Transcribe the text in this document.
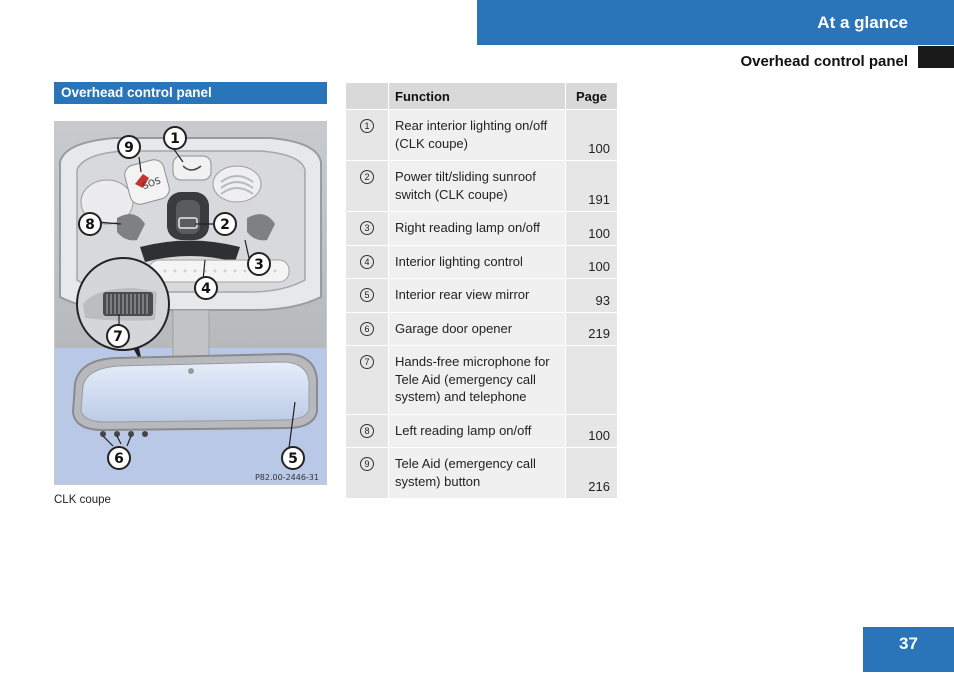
At a glance
Overhead control panel
Overhead control panel
SOS
1
2
3
4
5
6
7
8
9
P82.00-2446-31
CLK coupe
	Function	Page
1	Rear interior lighting on/off (CLK coupe)	100
2	Power tilt/sliding sunroof switch (CLK coupe)	191
3	Right reading lamp on/off	100
4	Interior lighting control	100
5	Interior rear view mirror	93
6	Garage door opener	219
7	Hands-free microphone for Tele Aid (emergency call system) and telephone	
8	Left reading lamp on/off	100
9	Tele Aid (emergency call system) button	216
37
